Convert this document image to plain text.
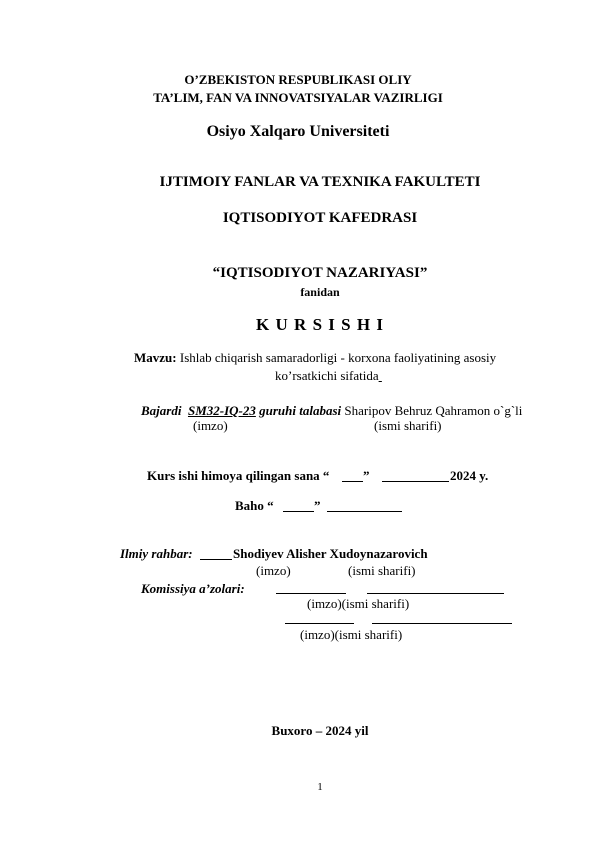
O’ZBEKISTON RESPUBLIKASI OLIY
TA’LIM, FAN VA INNOVATSIYALAR VAZIRLIGI
Osiyo Xalqaro Universiteti
IJTIMOIY FANLAR VA TEXNIKA FAKULTETI
IQTISODIYOT KAFEDRASI
“IQTISODIYOT NAZARIYASI”
fanidan
K U R S I S H I
Mavzu: Ishlab chiqarish samaradorligi - korxona faoliyatining asosiy
ko’rsatkichi sifatida
Bajardi SM32-IQ-23 guruhi talabasi Sharipov Behruz Qahramon o`g`li
(imzo)	(ismi sharifi)
Kurs ishi himoya qilingan sana “	”	2024 y.
Baho “	”
Ilmiy rahbar:	Shodiyev Alisher Xudoynazarovich
(imzo)	(ismi sharifi)
Komissiya a’zolari:
(imzo)(ismi sharifi)
(imzo)(ismi sharifi)
Buxoro – 2024 yil
1
